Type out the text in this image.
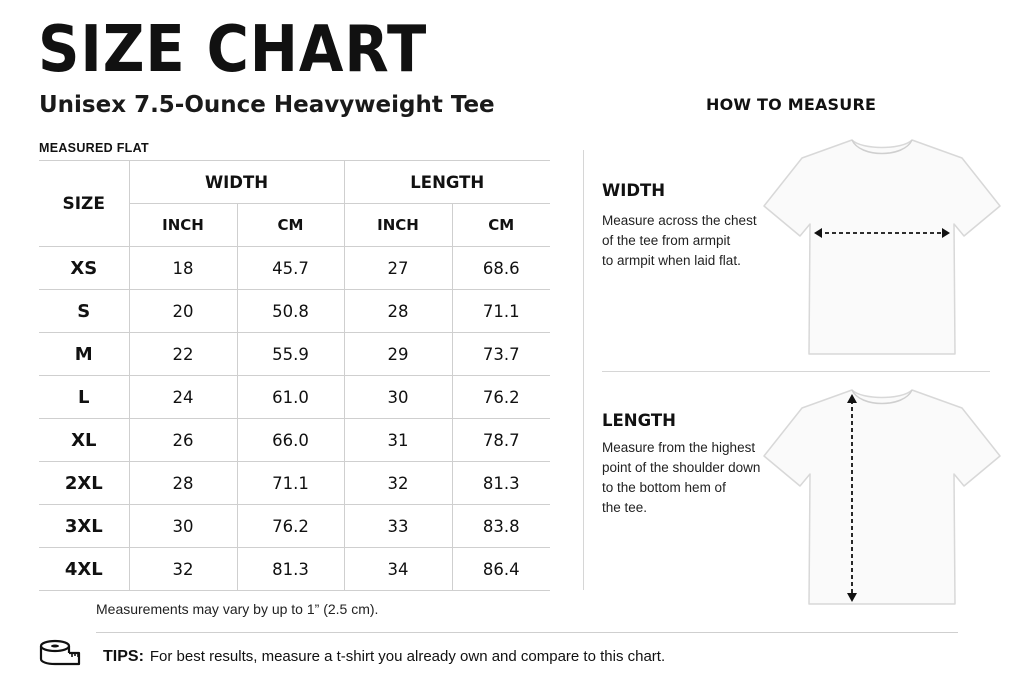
SIZE CHART
Unisex 7.5-Ounce Heavyweight Tee
MEASURED FLAT
SIZE	WIDTH		LENGTH	
	INCH	CM	INCH	CM
XS	18	45.7	27	68.6
S	20	50.8	28	71.1
M	22	55.9	29	73.7
L	24	61.0	30	76.2
XL	26	66.0	31	78.7
2XL	28	71.1	32	81.3
3XL	30	76.2	33	83.8
4XL	32	81.3	34	86.4
Measurements may vary by up to 1” (2.5 cm).
TIPS: For best results, measure a t-shirt you already own and compare to this chart.
HOW TO MEASURE
WIDTH
Measure across the chest
of the tee from armpit
to armpit when laid flat.
LENGTH
Measure from the highest
point of the shoulder down
to the bottom hem of
the tee.
